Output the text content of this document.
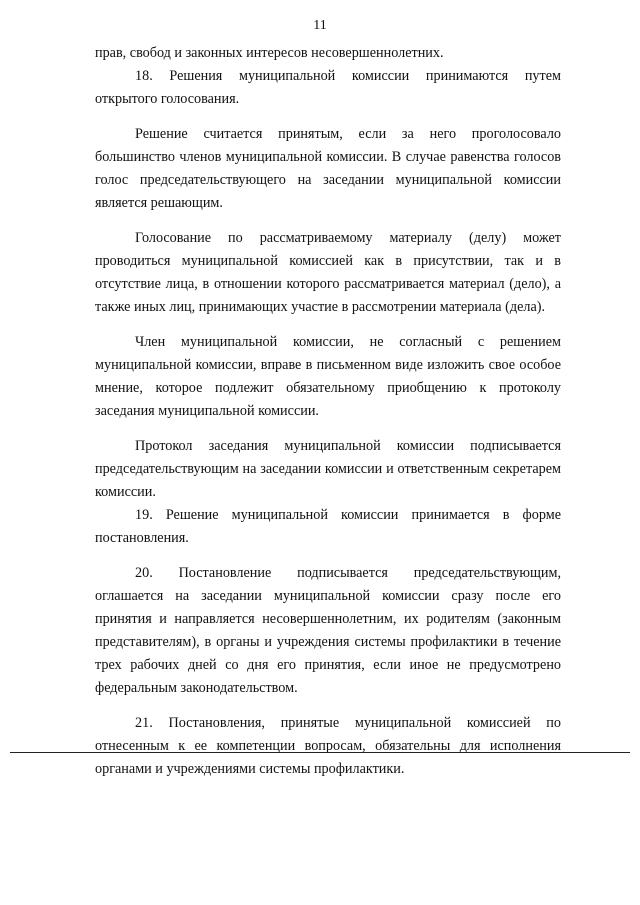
11

прав, свобод и законных интересов несовершеннолетних.

18. Решения муниципальной комиссии принимаются путем открытого голосования.

Решение считается принятым, если за него проголосовало большинство членов муниципальной комиссии. В случае равенства голосов голос председательствующего на заседании муниципальной комиссии является решающим.

Голосование по рассматриваемому материалу (делу) может проводиться муниципальной комиссией как в присутствии, так и в отсутствие лица, в отношении которого рассматривается материал (дело), а также иных лиц, принимающих участие в рассмотрении материала (дела).

Член муниципальной комиссии, не согласный с решением муниципальной комиссии, вправе в письменном виде изложить свое особое мнение, которое подлежит обязательному приобщению к протоколу заседания муниципальной комиссии.

Протокол заседания муниципальной комиссии подписывается председательствующим на заседании комиссии и ответственным секретарем комиссии.

19. Решение муниципальной комиссии принимается в форме постановления.

20. Постановление подписывается председательствующим, оглашается на заседании муниципальной комиссии сразу после его принятия и направляется несовершеннолетним, их родителям (законным представителям), в органы и учреждения системы профилактики в течение трех рабочих дней со дня его принятия, если иное не предусмотрено федеральным законодательством.

21. Постановления, принятые муниципальной комиссией по отнесенным к ее компетенции вопросам, обязательны для исполнения органами и учреждениями системы профилактики.
